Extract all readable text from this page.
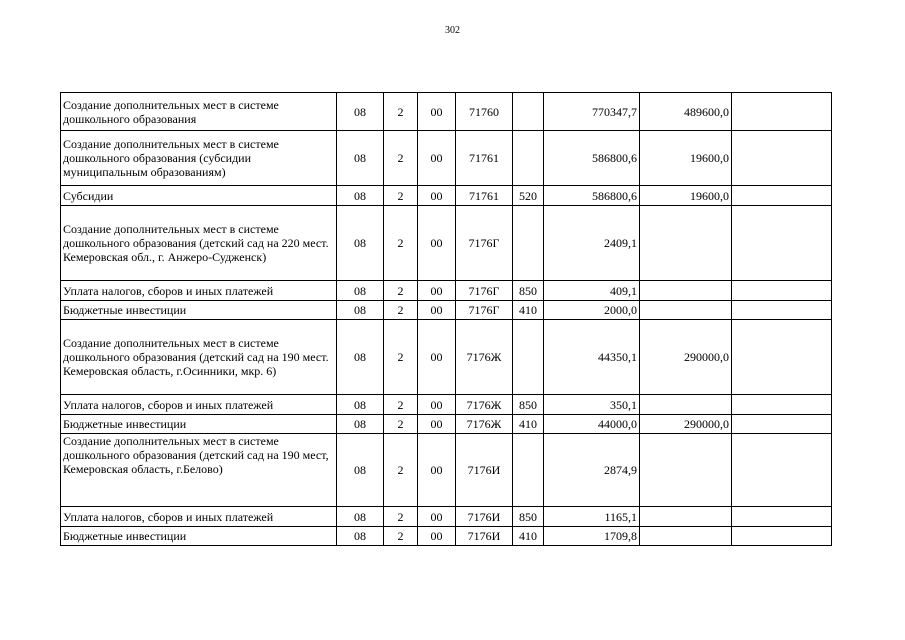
302
Создание дополнительных мест в системе дошкольного образования	08	2	00	71760		770347,7	489600,0	
Создание дополнительных мест в системе дошкольного образования (субсидии муниципальным образованиям)	08	2	00	71761		586800,6	19600,0	
Субсидии	08	2	00	71761	520	586800,6	19600,0	
Создание дополнительных мест в системе дошкольного образования (детский сад на 220 мест. Кемеровская обл., г. Анжеро-Судженск)	08	2	00	7176Г		2409,1		
Уплата налогов, сборов и иных платежей	08	2	00	7176Г	850	409,1		
Бюджетные инвестиции	08	2	00	7176Г	410	2000,0		
Создание дополнительных мест в системе дошкольного образования (детский сад на 190 мест. Кемеровская область, г.Осинники, мкр. 6)	08	2	00	7176Ж		44350,1	290000,0	
Уплата налогов, сборов и иных платежей	08	2	00	7176Ж	850	350,1		
Бюджетные инвестиции	08	2	00	7176Ж	410	44000,0	290000,0	
Создание дополнительных мест в системе дошкольного образования (детский сад на 190 мест, Кемеровская область, г.Белово)	08	2	00	7176И		2874,9		
Уплата налогов, сборов и иных платежей	08	2	00	7176И	850	1165,1		
Бюджетные инвестиции	08	2	00	7176И	410	1709,8		
